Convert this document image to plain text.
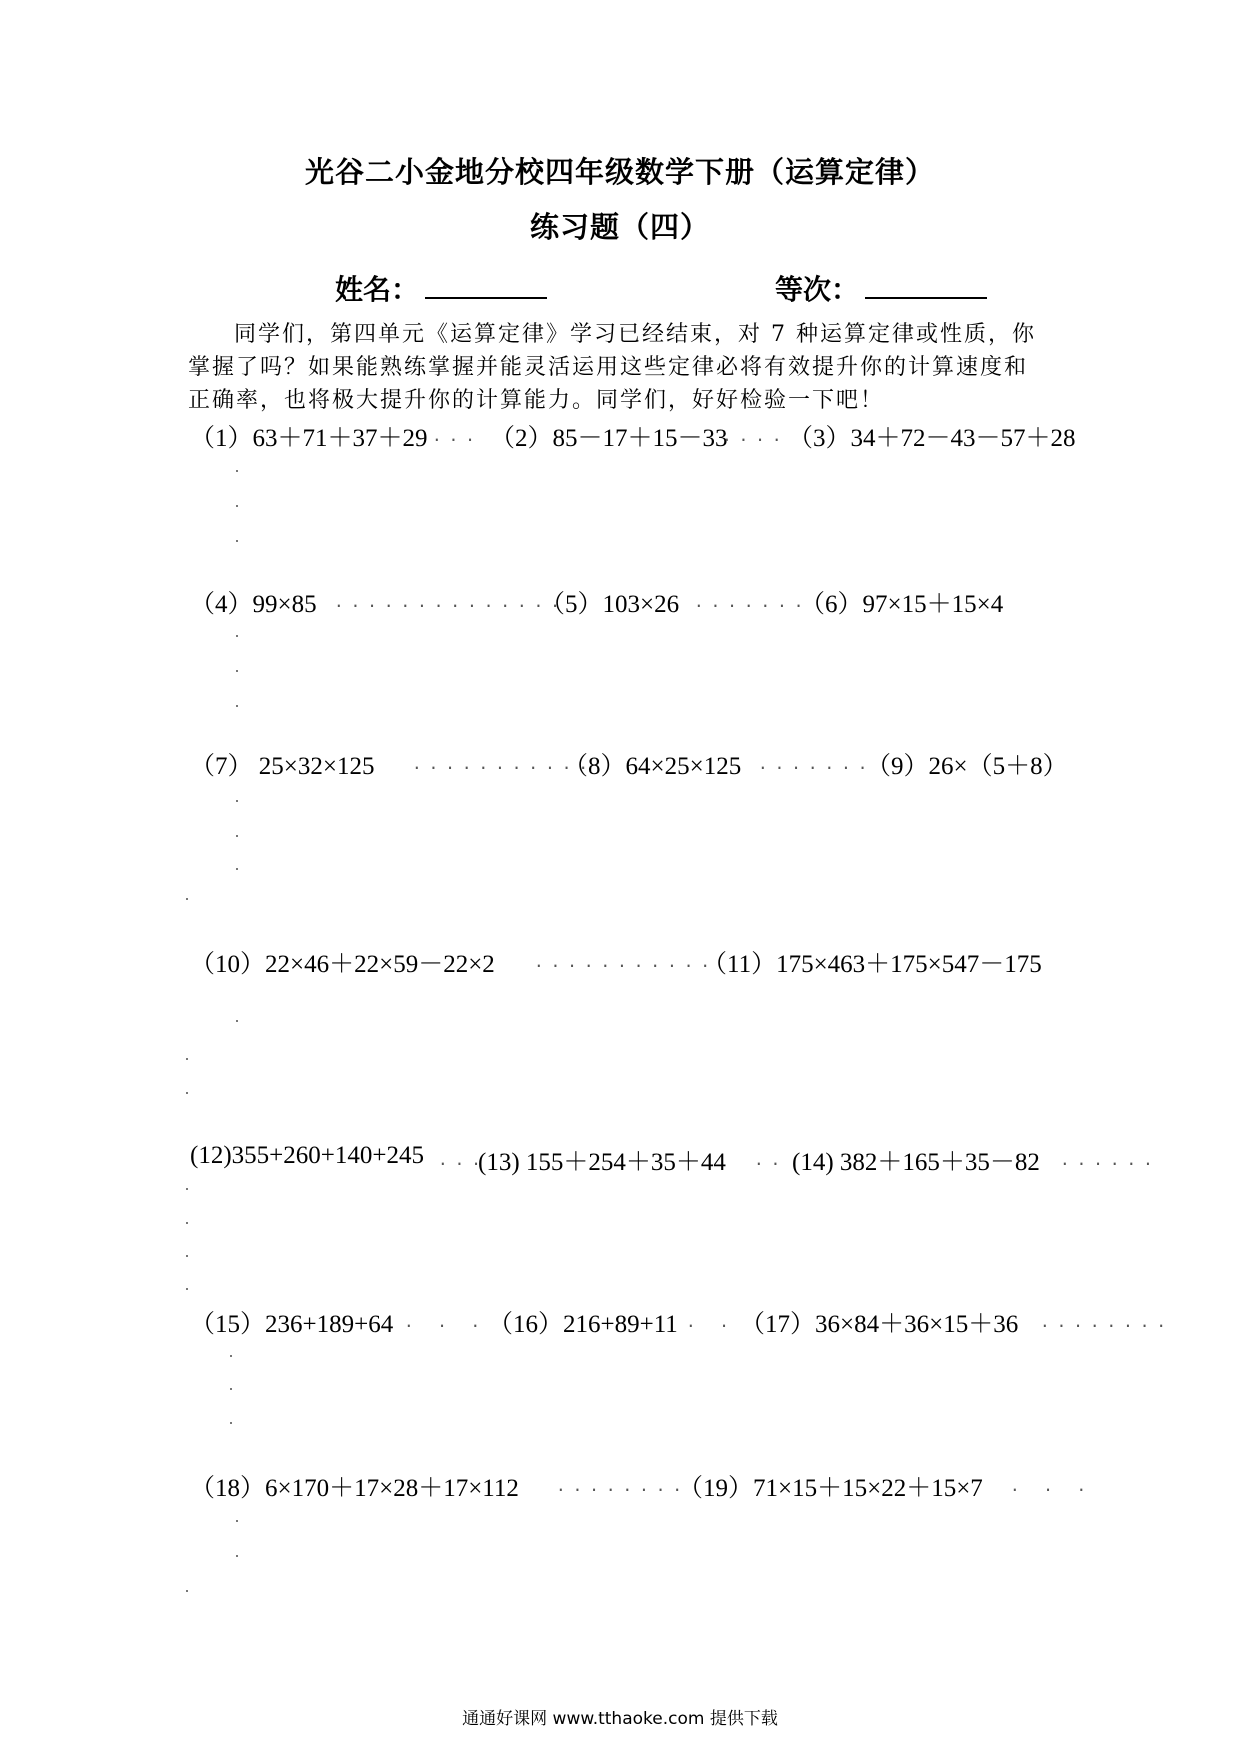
光谷二小金地分校四年级数学下册（运算定律）
练习题（四）
姓名：	等次：

同学们，第四单元《运算定律》学习已经结束，对 7 种运算定律或性质，你

掌握了吗？如果能熟练掌握并能灵活运用这些定律必将有效提升你的计算速度和

正确率，也将极大提升你的计算能力。同学们，好好检验一下吧！

（1）63＋71＋37＋29 ... （2）85－17＋15－33
.... （3）34＋72－43－57＋28
（4）99×85 ..............
（5）103×26 .......
（6）97×15＋15×4
（7） 25×32×125 ...........
（8）64×25×125 .......
（9）26×（5＋8）
（10）22×46＋22×59－22×2 ...........
（11）175×463＋175×547－175
(12)355+260+140+245 ...
(13) 155＋254＋35＋44 .. (14) 382＋165＋35－82 ......
（15）236+189+64 . . . （16）216+89+11 . . （17）36×84＋36×15＋36 ........
（18）6×170＋17×28＋17×112 ........
（19）71×15＋15×22＋15×7 . . .
通通好课网 www.tthaoke.com 提供下载
